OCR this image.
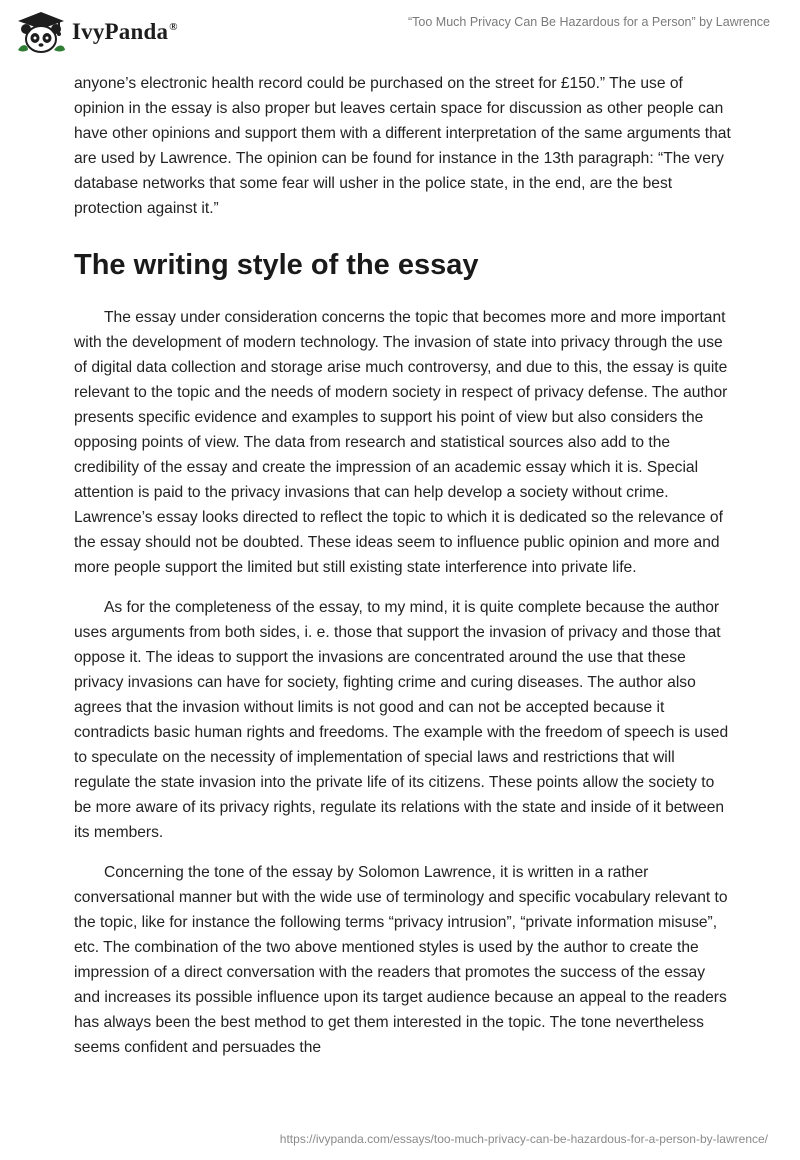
IvyPanda®	“Too Much Privacy Can Be Hazardous for a Person” by Lawrence

anyone’s electronic health record could be purchased on the street for £150.” The use of opinion in the essay is also proper but leaves certain space for discussion as other people can have other opinions and support them with a different interpretation of the same arguments that are used by Lawrence. The opinion can be found for instance in the 13th paragraph: “The very database networks that some fear will usher in the police state, in the end, are the best protection against it.”

The writing style of the essay

The essay under consideration concerns the topic that becomes more and more important with the development of modern technology. The invasion of state into privacy through the use of digital data collection and storage arise much controversy, and due to this, the essay is quite relevant to the topic and the needs of modern society in respect of privacy defense. The author presents specific evidence and examples to support his point of view but also considers the opposing points of view. The data from research and statistical sources also add to the credibility of the essay and create the impression of an academic essay which it is. Special attention is paid to the privacy invasions that can help develop a society without crime. Lawrence’s essay looks directed to reflect the topic to which it is dedicated so the relevance of the essay should not be doubted. These ideas seem to influence public opinion and more and more people support the limited but still existing state interference into private life.

As for the completeness of the essay, to my mind, it is quite complete because the author uses arguments from both sides, i. e. those that support the invasion of privacy and those that oppose it. The ideas to support the invasions are concentrated around the use that these privacy invasions can have for society, fighting crime and curing diseases. The author also agrees that the invasion without limits is not good and can not be accepted because it contradicts basic human rights and freedoms. The example with the freedom of speech is used to speculate on the necessity of implementation of special laws and restrictions that will regulate the state invasion into the private life of its citizens. These points allow the society to be more aware of its privacy rights, regulate its relations with the state and inside of it between its members.

Concerning the tone of the essay by Solomon Lawrence, it is written in a rather conversational manner but with the wide use of terminology and specific vocabulary relevant to the topic, like for instance the following terms “privacy intrusion”, “private information misuse”, etc. The combination of the two above mentioned styles is used by the author to create the impression of a direct conversation with the readers that promotes the success of the essay and increases its possible influence upon its target audience because an appeal to the readers has always been the best method to get them interested in the topic. The tone nevertheless seems confident and persuades the

https://ivypanda.com/essays/too-much-privacy-can-be-hazardous-for-a-person-by-lawrence/
